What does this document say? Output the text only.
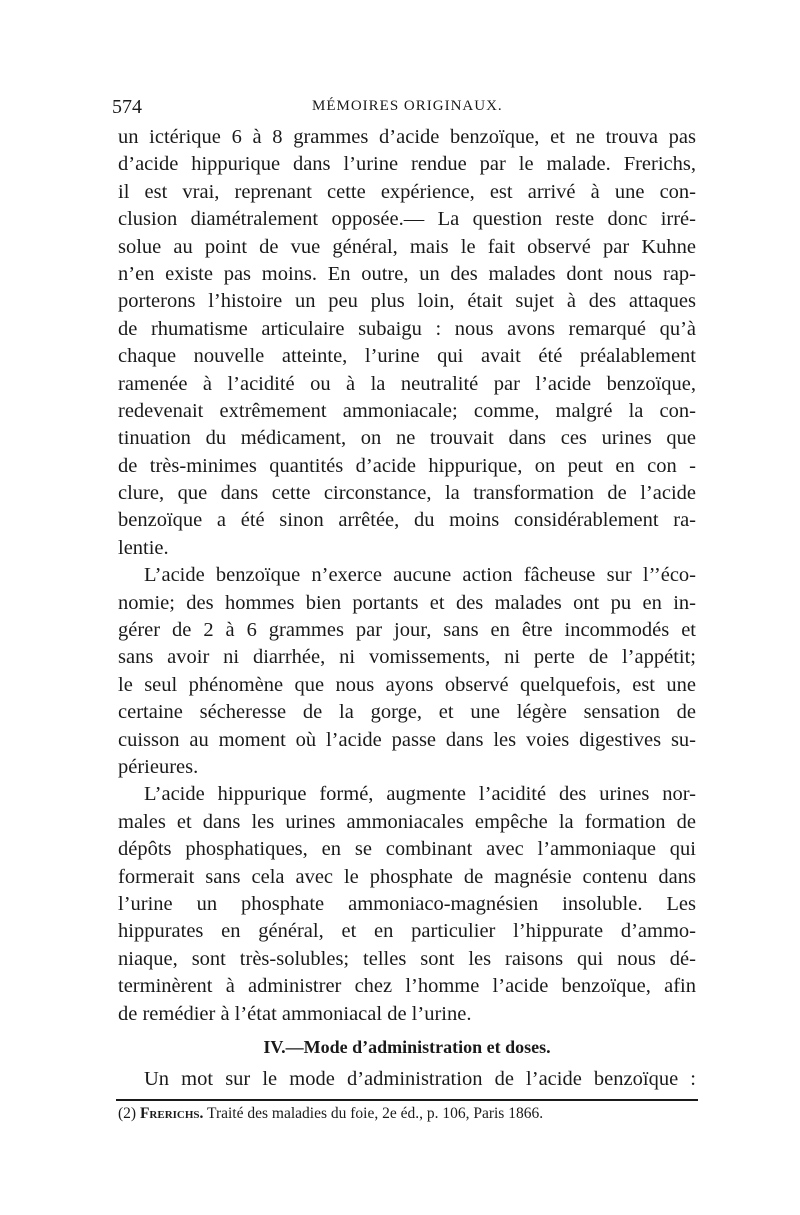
574	MÉMOIRES ORIGINAUX.
un ictérique 6 à 8 grammes d’acide benzoïque, et ne trouva pas
d’acide hippurique dans l’urine rendue par le malade. Frerichs,
il est vrai, reprenant cette expérience, est arrivé à une con-
clusion diamétralement opposée.— La question reste donc irré-
solue au point de vue général, mais le fait observé par Kuhne
n’en existe pas moins. En outre, un des malades dont nous rap-
porterons l’histoire un peu plus loin, était sujet à des attaques
de rhumatisme articulaire subaigu : nous avons remarqué qu’à
chaque nouvelle atteinte, l’urine qui avait été préalablement
ramenée à l’acidité ou à la neutralité par l’acide benzoïque,
redevenait extrêmement ammoniacale; comme, malgré la con-
tinuation du médicament, on ne trouvait dans ces urines que
de très-minimes quantités d’acide hippurique, on peut en con -
clure, que dans cette circonstance, la transformation de l’acide
benzoïque a été sinon arrêtée, du moins considérablement ra-
lentie.
L’acide benzoïque n’exerce aucune action fâcheuse sur l’’éco-
nomie; des hommes bien portants et des malades ont pu en in-
gérer de 2 à 6 grammes par jour, sans en être incommodés et
sans avoir ni diarrhée, ni vomissements, ni perte de l’appétit;
le seul phénomène que nous ayons observé quelquefois, est une
certaine sécheresse de la gorge, et une légère sensation de
cuisson au moment où l’acide passe dans les voies digestives su-
périeures.
L’acide hippurique formé, augmente l’acidité des urines nor-
males et dans les urines ammoniacales empêche la formation de
dépôts phosphatiques, en se combinant avec l’ammoniaque qui
formerait sans cela avec le phosphate de magnésie contenu dans
l’urine un phosphate ammoniaco-magnésien insoluble. Les
hippurates en général, et en particulier l’hippurate d’ammo-
niaque, sont très-solubles; telles sont les raisons qui nous dé-
terminèrent à administrer chez l’homme l’acide benzoïque, afin
de remédier à l’état ammoniacal de l’urine.
IV.—Mode d’administration et doses.
Un mot sur le mode d’administration de l’acide benzoïque :
(2) Frerichs. Traité des maladies du foie, 2e éd., p. 106, Paris 1866.
